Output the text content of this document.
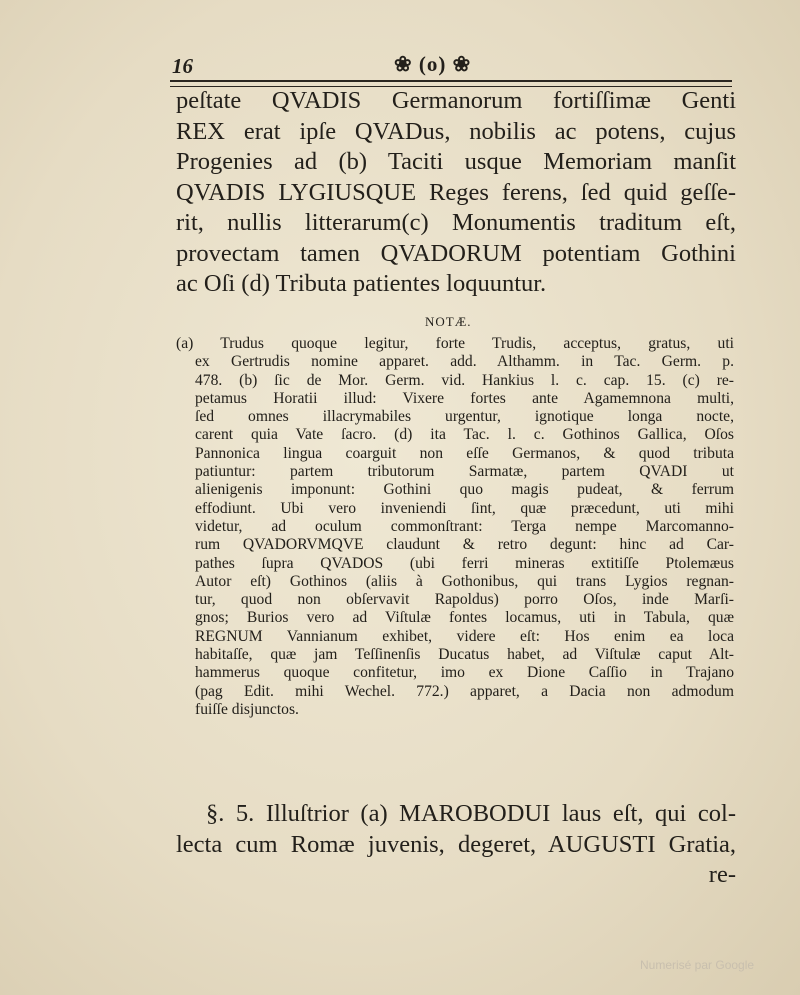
16	❀ (o) ❀
peſtate QVADIS Germanorum fortiſſimæ Genti
REX erat ipſe QVADus, nobilis ac potens, cujus
Progenies ad (b) Taciti usque Memoriam manſit
QVADIS LYGIUSQUE Reges ferens, ſed quid geſſe-
rit, nullis litterarum(c) Monumentis traditum eſt,
provectam tamen QVADORUM potentiam Gothini
ac Oſi (d) Tributa patientes loquuntur.
NOTÆ.
(a) Trudus quoque legitur, forte Trudis, acceptus, gratus, uti
ex Gertrudis nomine apparet. add. Althamm. in Tac. Germ. p.
478. (b) ſic de Mor. Germ. vid. Hankius l. c. cap. 15. (c) re-
petamus Horatii illud: Vixere fortes ante Agamemnona multi,
ſed omnes illacrymabiles urgentur, ignotique longa nocte,
carent quia Vate ſacro. (d) ita Tac. l. c. Gothinos Gallica, Oſos
Pannonica lingua coarguit non eſſe Germanos, & quod tributa
patiuntur: partem tributorum Sarmatæ, partem QVADI ut
alienigenis imponunt: Gothini quo magis pudeat, & ferrum
effodiunt. Ubi vero inveniendi ſint, quæ præcedunt, uti mihi
videtur, ad oculum commonſtrant: Terga nempe Marcomanno-
rum QVADORVMQVE claudunt & retro degunt: hinc ad Car-
pathes ſupra QVADOS (ubi ferri mineras extitiſſe Ptolemæus
Autor eſt) Gothinos (aliis à Gothonibus, qui trans Lygios regnan-
tur, quod non obſervavit Rapoldus) porro Oſos, inde Marſi-
gnos; Burios vero ad Viſtulæ fontes locamus, uti in Tabula, quæ
REGNUM Vannianum exhibet, videre eſt: Hos enim ea loca
habitaſſe, quæ jam Teſſinenſis Ducatus habet, ad Viſtulæ caput Alt-
hammerus quoque confitetur, imo ex Dione Caſſio in Trajano
(pag Edit. mihi Wechel. 772.) apparet, a Dacia non admodum
fuiſſe disjunctos.
§. 5. Illuſtrior (a) MAROBODUI laus eſt, qui col-
lecta cum Romæ juvenis, degeret, AUGUSTI Gratia,
re-
Numerisé par Google
